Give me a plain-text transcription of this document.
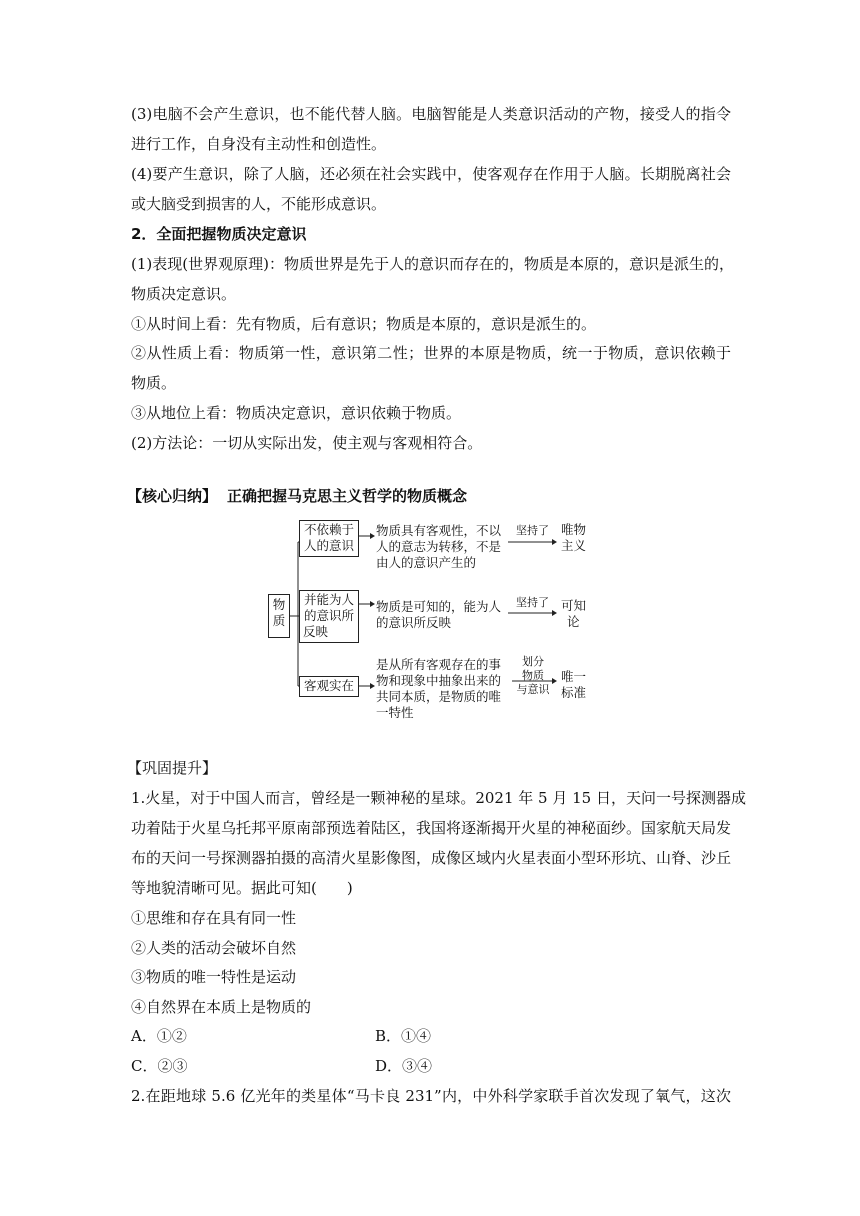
(3)电脑不会产生意识，也不能代替人脑。电脑智能是人类意识活动的产物，接受人的指令
进行工作，自身没有主动性和创造性。
(4)要产生意识，除了人脑，还必须在社会实践中，使客观存在作用于人脑。长期脱离社会
或大脑受到损害的人，不能形成意识。
2．全面把握物质决定意识
(1)表现(世界观原理)：物质世界是先于人的意识而存在的，物质是本原的，意识是派生的，
物质决定意识。
①从时间上看：先有物质，后有意识；物质是本原的，意识是派生的。
②从性质上看：物质第一性，意识第二性；世界的本原是物质，统一于物质，意识依赖于
物质。
③从地位上看：物质决定意识，意识依赖于物质。
(2)方法论：一切从实际出发，使主观与客观相符合。
【核心归纳】 正确把握马克思主义哲学的物质概念
物
质
不依赖于
人的意识
并能为人
的意识所
反映
客观实在
物质具有客观性，不以
人的意志为转移，不是
由人的意识产生的
物质是可知的，能为人
的意识所反映
是从所有客观存在的事
物和现象中抽象出来的
共同本质，是物质的唯
一特性
坚持了
坚持了
划分
物质
与意识
唯物
主义
可知
论
唯一
标准
【巩固提升】
1.火星，对于中国人而言，曾经是一颗神秘的星球。2021 年 5 月 15 日，天问一号探测器成
功着陆于火星乌托邦平原南部预选着陆区，我国将逐渐揭开火星的神秘面纱。国家航天局发
布的天问一号探测器拍摄的高清火星影像图，成像区域内火星表面小型环形坑、山脊、沙丘
等地貌清晰可见。据此可知(　　)
①思维和存在具有同一性
②人类的活动会破坏自然
③物质的唯一特性是运动
④自然界在本质上是物质的
A．①②	B．①④
C．②③	D．③④
2.在距地球 5.6 亿光年的类星体“马卡良 231”内，中外科学家联手首次发现了氧气，这次
